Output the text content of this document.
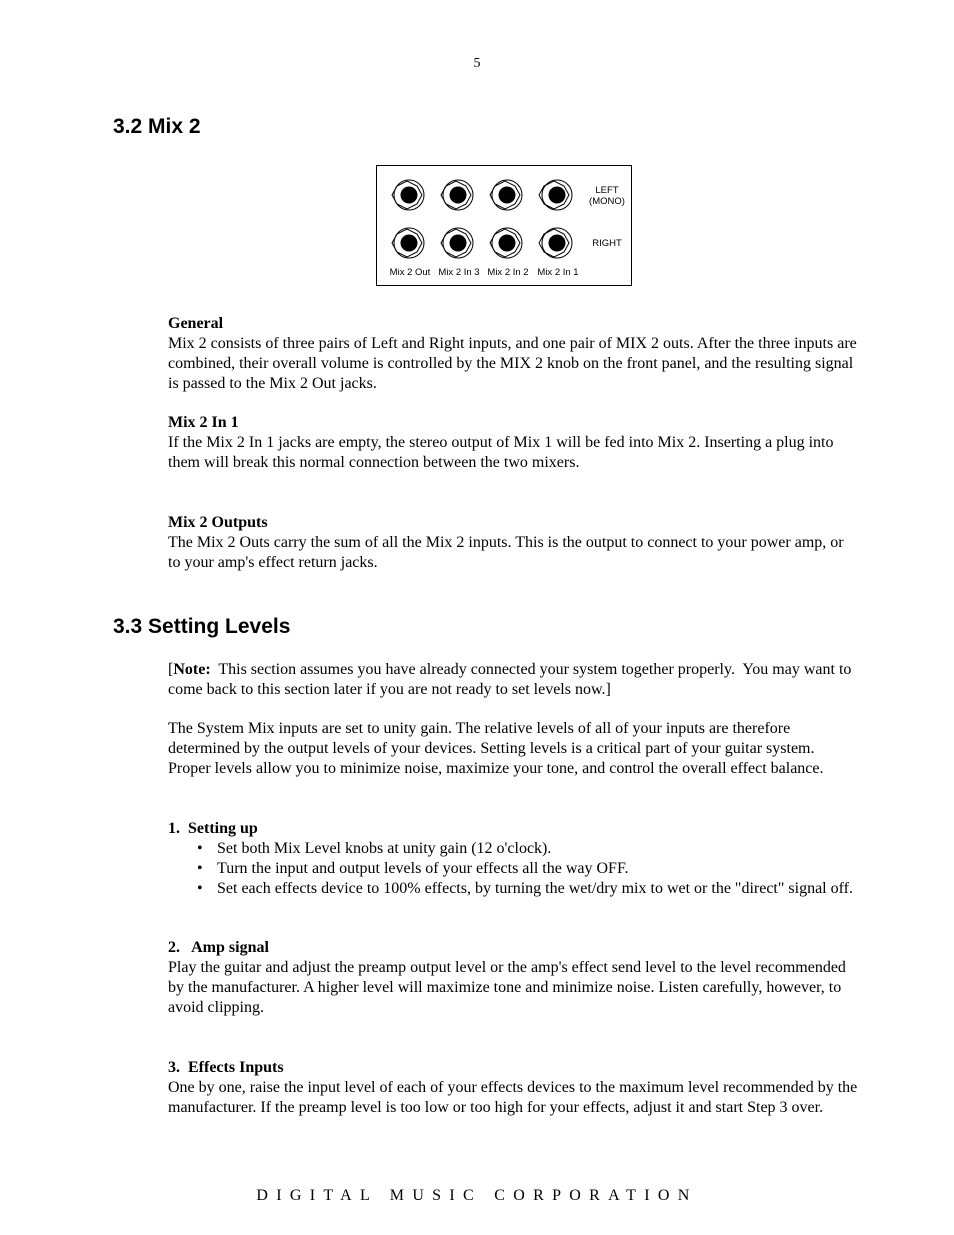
5
3.2 Mix 2
LEFT
(MONO)
RIGHT
Mix 2 Out Mix 2 In 3 Mix 2 In 2 Mix 2 In 1

General

Mix 2 consists of three pairs of Left and Right inputs, and one pair of MIX 2 outs. After the three inputs are combined, their overall volume is controlled by the MIX 2 knob on the front panel, and the resulting signal is passed to the Mix 2 Out jacks.

Mix 2 In 1

If the Mix 2 In 1 jacks are empty, the stereo output of Mix 1 will be fed into Mix 2. Inserting a plug into them will break this normal connection between the two mixers.

Mix 2 Outputs

The Mix 2 Outs carry the sum of all the Mix 2 inputs. This is the output to connect to your power amp, or to your amp's effect return jacks.

3.3 Setting Levels

[Note:  This section assumes you have already connected your system together properly.  You may want to come back to this section later if you are not ready to set levels now.]

The System Mix inputs are set to unity gain. The relative levels of all of your inputs are therefore determined by the output levels of your devices. Setting levels is a critical part of your guitar system. Proper levels allow you to minimize noise, maximize your tone, and control the overall effect balance.

1.  Setting up

• Set both Mix Level knobs at unity gain (12 o'clock).
• Turn the input and output levels of your effects all the way OFF.
• Set each effects device to 100% effects, by turning the wet/dry mix to wet or the "direct" signal off.

2.   Amp signal

Play the guitar and adjust the preamp output level or the amp's effect send level to the level recommended by the manufacturer. A higher level will maximize tone and minimize noise. Listen carefully, however, to avoid clipping.

3.  Effects Inputs

One by one, raise the input level of each of your effects devices to the maximum level recommended by the manufacturer. If the preamp level is too low or too high for your effects, adjust it and start Step 3 over.

DIGITAL MUSIC CORPORATION
